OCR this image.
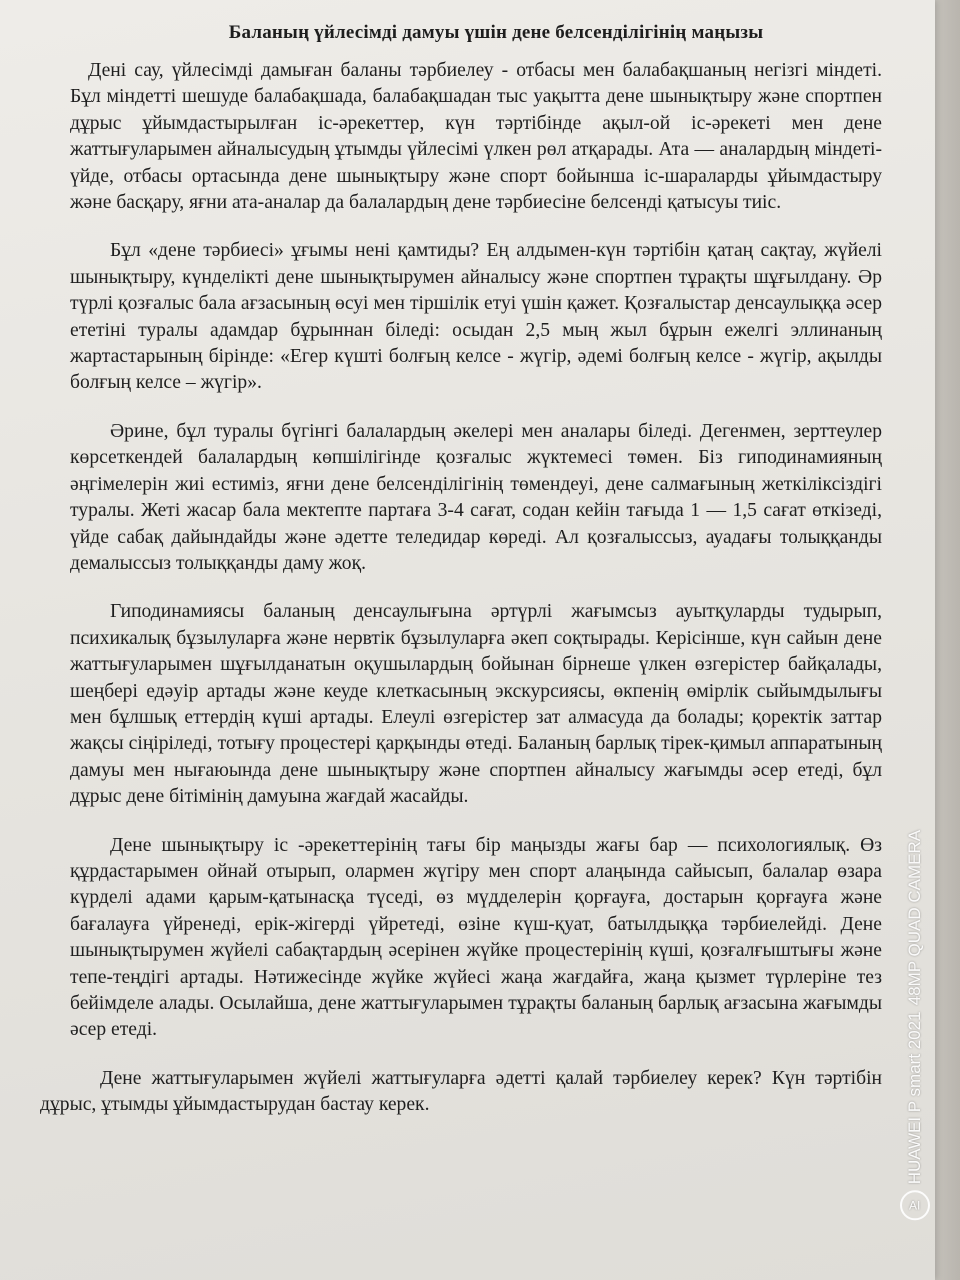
Баланың үйлесімді дамуы үшін дене белсенділігінің маңызы

Дені сау, үйлесімді дамыған баланы тәрбиелеу - отбасы мен балабақшаның негізгі міндеті. Бұл міндетті шешуде балабақшада, балабақшадан тыс уақытта дене шынықтыру және спортпен дұрыс ұйымдастырылған іс-әрекеттер, күн тәртібінде ақыл-ой іс-әрекеті мен дене жаттығуларымен айналысудың ұтымды үйлесімі үлкен рөл атқарады. Ата — аналардың міндеті-үйде, отбасы ортасында дене шынықтыру және спорт бойынша іс-шараларды ұйымдастыру және басқару, яғни ата-аналар да балалардың дене тәрбиесіне белсенді қатысуы тиіс.

Бұл «дене тәрбиесі» ұғымы нені қамтиды? Ең алдымен-күн тәртібін қатаң сақтау, жүйелі шынықтыру, күнделікті дене шынықтырумен айналысу және спортпен тұрақты шұғылдану. Әр түрлі қозғалыс бала ағзасының өсуі мен тіршілік етуі үшін қажет. Қозғалыстар денсаулыққа әсер ететіні туралы адамдар бұрыннан біледі: осыдан 2,5 мың жыл бұрын ежелгі эллинаның жартастарының бірінде: «Егер күшті болғың келсе - жүгір, әдемі болғың келсе - жүгір, ақылды болғың келсе – жүгір».

Әрине, бұл туралы бүгінгі балалардың әкелері мен аналары біледі. Дегенмен, зерттеулер көрсеткендей балалардың көпшілігінде қозғалыс жүктемесі төмен. Біз гиподинамияның әңгімелерін жиі естиміз, яғни дене белсенділігінің төмендеуі, дене салмағының жеткіліксіздігі туралы. Жеті жасар бала мектепте партаға 3-4 сағат, содан кейін тағыда 1 — 1,5 сағат өткізеді, үйде сабақ дайындайды және әдетте теледидар көреді. Ал қозғалыссыз, ауадағы толыққанды демалыссыз толыққанды даму жоқ.

Гиподинамиясы баланың денсаулығына әртүрлі жағымсыз ауытқуларды тудырып, психикалық бұзылуларға және нервтік бұзылуларға әкеп соқтырады. Керісінше, күн сайын дене жаттығуларымен шұғылданатын оқушылардың бойынан бірнеше үлкен өзгерістер байқалады, шеңбері едәуір артады және кеуде клеткасының экскурсиясы, өкпенің өмірлік сыйымдылығы мен бұлшық еттердің күші артады. Елеулі өзгерістер зат алмасуда да болады; қоректік заттар жақсы сіңіріледі, тотығу процестері қарқынды өтеді. Баланың барлық тірек-қимыл аппаратының дамуы мен нығаюында дене шынықтыру және спортпен айналысу жағымды әсер етеді, бұл дұрыс дене бітімінің дамуына жағдай жасайды.

Дене шынықтыру іс -әрекеттерінің тағы бір маңызды жағы бар — психологиялық. Өз құрдастарымен ойнай отырып, олармен жүгіру мен спорт алаңында сайысып, балалар өзара күрделі адами қарым-қатынасқа түседі, өз мүдделерін қорғауға, достарын қорғауға және бағалауға үйренеді, ерік-жігерді үйретеді, өзіне күш-қуат, батылдыққа тәрбиелейді. Дене шынықтырумен жүйелі сабақтардың әсерінен жүйке процестерінің күші, қозғалғыштығы және тепе-теңдігі артады. Нәтижесінде жүйке жүйесі жаңа жағдайға, жаңа қызмет түрлеріне тез бейімделе алады. Осылайша, дене жаттығуларымен тұрақты баланың барлық ағзасына жағымды әсер етеді.

Дене жаттығуларымен жүйелі жаттығуларға әдетті қалай тәрбиелеу керек? Күн тәртібін дұрыс, ұтымды ұйымдастырудан бастау керек.

AI
HUAWEI P smart 2021
48MP QUAD CAMERA
